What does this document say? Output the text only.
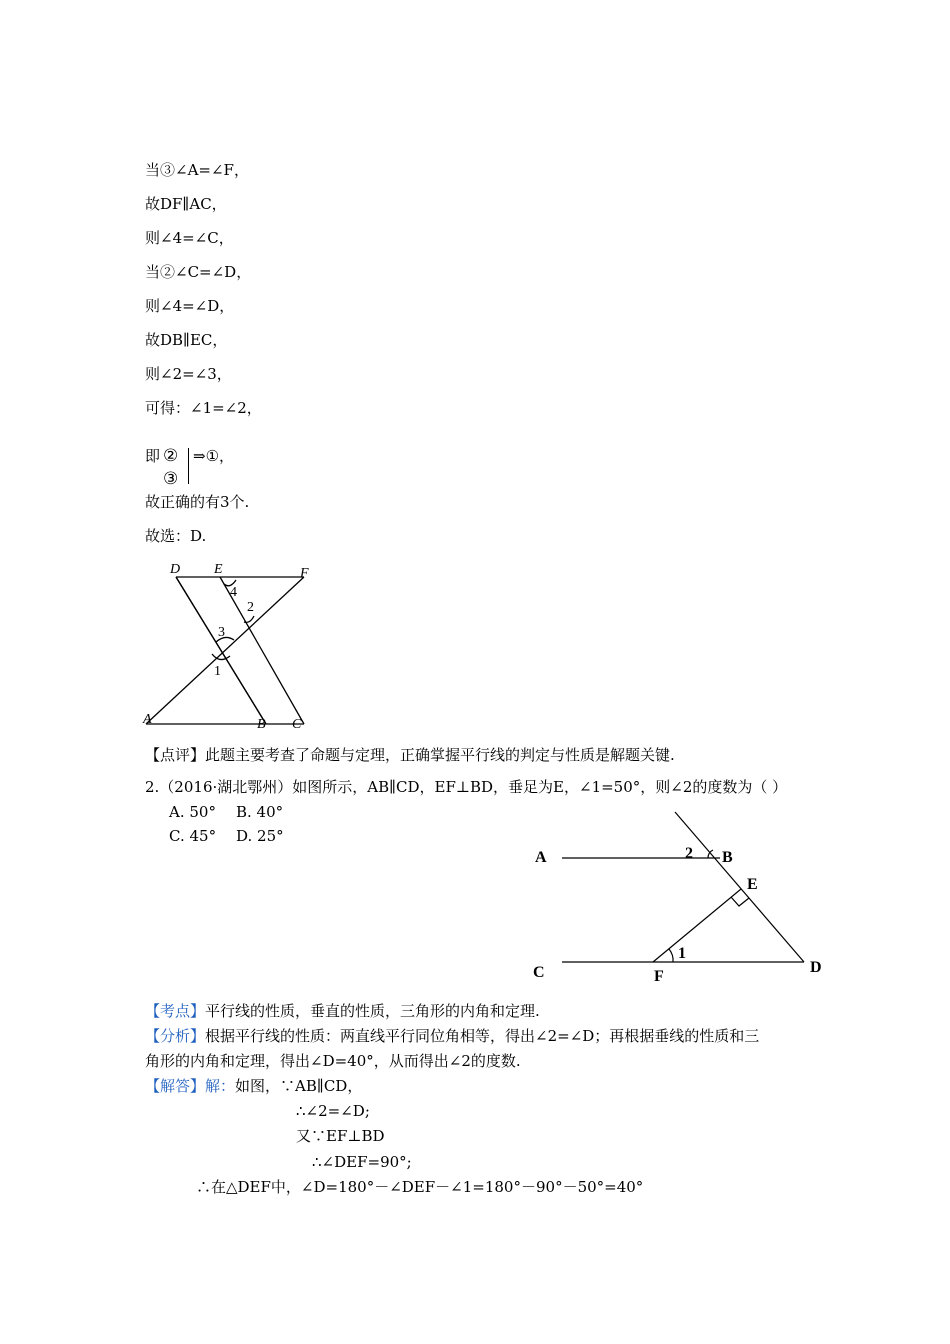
当③∠A=∠F，
故DF∥AC，
则∠4=∠C，
当②∠C=∠D，
则∠4=∠D，
故DB∥EC，
则∠2=∠3，
可得：∠1=∠2，
即 ②
③
⇒①，
故正确的有3个.
故选：D.
D E	F
4
2
3
1
A	B C
【点评】此题主要考查了命题与定理，正确掌握平行线的判定与性质是解题关键.
2.（2016·湖北鄂州）如图所示，AB∥CD，EF⊥BD，垂足为E，∠1=50°，则∠2的度数为（ ）
A. 50° B. 40°
C. 45° D. 25°
A	2 B
E
C
1
F
D
【考点】平行线的性质，垂直的性质，三角形的内角和定理.
【分析】根据平行线的性质：两直线平行同位角相等，得出∠2=∠D；再根据垂线的性质和三
角形的内角和定理，得出∠D=40°，从而得出∠2的度数.
【解答】解：如图，∵AB∥CD，
∴∠2=∠D;
又∵EF⊥BD
∴∠DEF=90°;
∴在△DEF中，∠D=180°－∠DEF－∠1=180°－90°－50°=40°
